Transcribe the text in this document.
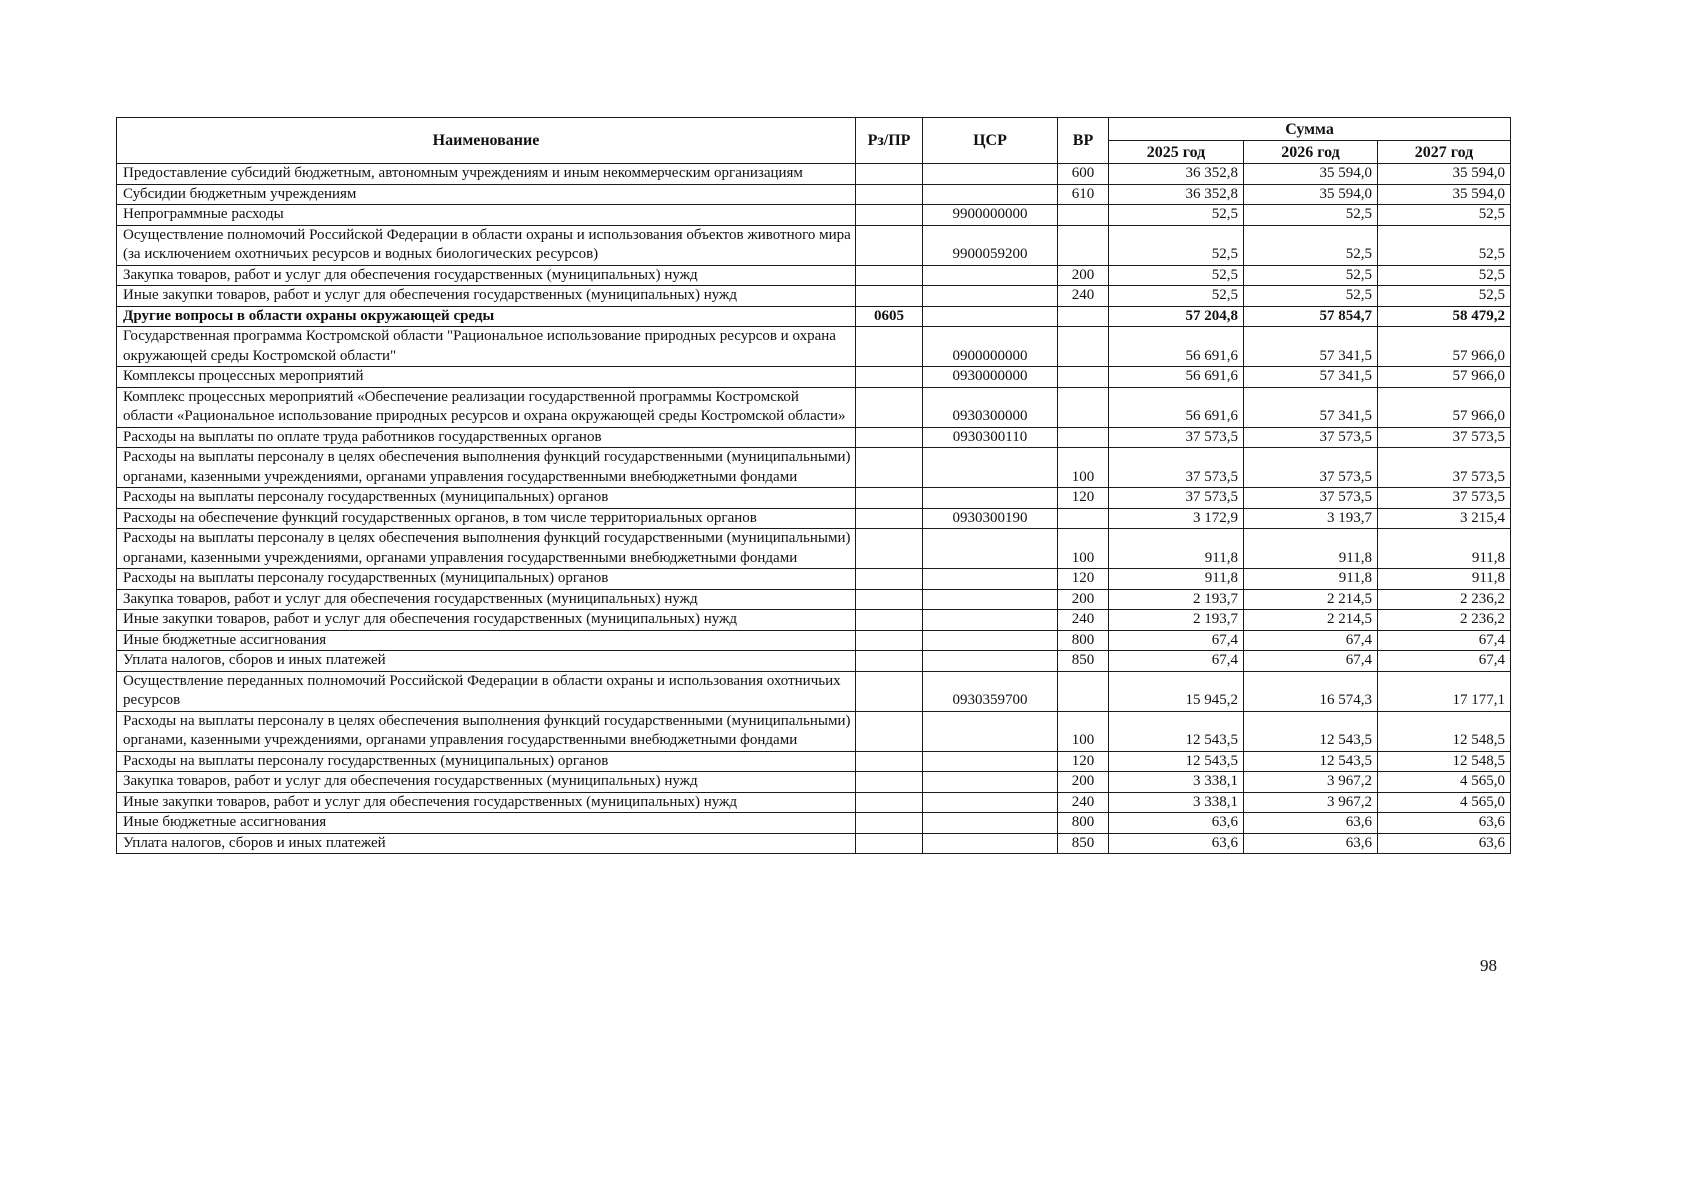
Наименование	Рз/ПР	ЦСР	ВР	Сумма		
				2025 год	2026 год	2027 год
Предоставление субсидий бюджетным, автономным учреждениям и иным некоммерческим организациям			600	36 352,8	35 594,0	35 594,0
Субсидии бюджетным учреждениям			610	36 352,8	35 594,0	35 594,0
Непрограммные расходы		9900000000		52,5	52,5	52,5
Осуществление полномочий Российской Федерации в области охраны и использования объектов животного мира (за исключением охотничьих ресурсов и водных биологических ресурсов)		9900059200		52,5	52,5	52,5
Закупка товаров, работ и услуг для обеспечения государственных (муниципальных) нужд			200	52,5	52,5	52,5
Иные закупки товаров, работ и услуг для обеспечения государственных (муниципальных) нужд			240	52,5	52,5	52,5
Другие вопросы в области охраны окружающей среды	0605			57 204,8	57 854,7	58 479,2
Государственная программа Костромской области "Рациональное использование природных ресурсов и охрана окружающей среды Костромской области"		0900000000		56 691,6	57 341,5	57 966,0
Комплексы процессных мероприятий		0930000000		56 691,6	57 341,5	57 966,0
Комплекс процессных мероприятий «Обеспечение реализации государственной программы Костромской области «Рациональное использование природных ресурсов и охрана окружающей среды Костромской области»		0930300000		56 691,6	57 341,5	57 966,0
Расходы на выплаты по оплате труда работников государственных органов		0930300110		37 573,5	37 573,5	37 573,5
Расходы на выплаты персоналу в целях обеспечения выполнения функций государственными (муниципальными) органами, казенными учреждениями, органами управления государственными внебюджетными фондами			100	37 573,5	37 573,5	37 573,5
Расходы на выплаты персоналу государственных (муниципальных) органов			120	37 573,5	37 573,5	37 573,5
Расходы на обеспечение функций государственных органов, в том числе территориальных органов		0930300190		3 172,9	3 193,7	3 215,4
Расходы на выплаты персоналу в целях обеспечения выполнения функций государственными (муниципальными) органами, казенными учреждениями, органами управления государственными внебюджетными фондами			100	911,8	911,8	911,8
Расходы на выплаты персоналу государственных (муниципальных) органов			120	911,8	911,8	911,8
Закупка товаров, работ и услуг для обеспечения государственных (муниципальных) нужд			200	2 193,7	2 214,5	2 236,2
Иные закупки товаров, работ и услуг для обеспечения государственных (муниципальных) нужд			240	2 193,7	2 214,5	2 236,2
Иные бюджетные ассигнования			800	67,4	67,4	67,4
Уплата налогов, сборов и иных платежей			850	67,4	67,4	67,4
Осуществление переданных полномочий Российской Федерации в области охраны и использования охотничьих ресурсов		0930359700		15 945,2	16 574,3	17 177,1
Расходы на выплаты персоналу в целях обеспечения выполнения функций государственными (муниципальными) органами, казенными учреждениями, органами управления государственными внебюджетными фондами			100	12 543,5	12 543,5	12 548,5
Расходы на выплаты персоналу государственных (муниципальных) органов			120	12 543,5	12 543,5	12 548,5
Закупка товаров, работ и услуг для обеспечения государственных (муниципальных) нужд			200	3 338,1	3 967,2	4 565,0
Иные закупки товаров, работ и услуг для обеспечения государственных (муниципальных) нужд			240	3 338,1	3 967,2	4 565,0
Иные бюджетные ассигнования			800	63,6	63,6	63,6
Уплата налогов, сборов и иных платежей			850	63,6	63,6	63,6
98
